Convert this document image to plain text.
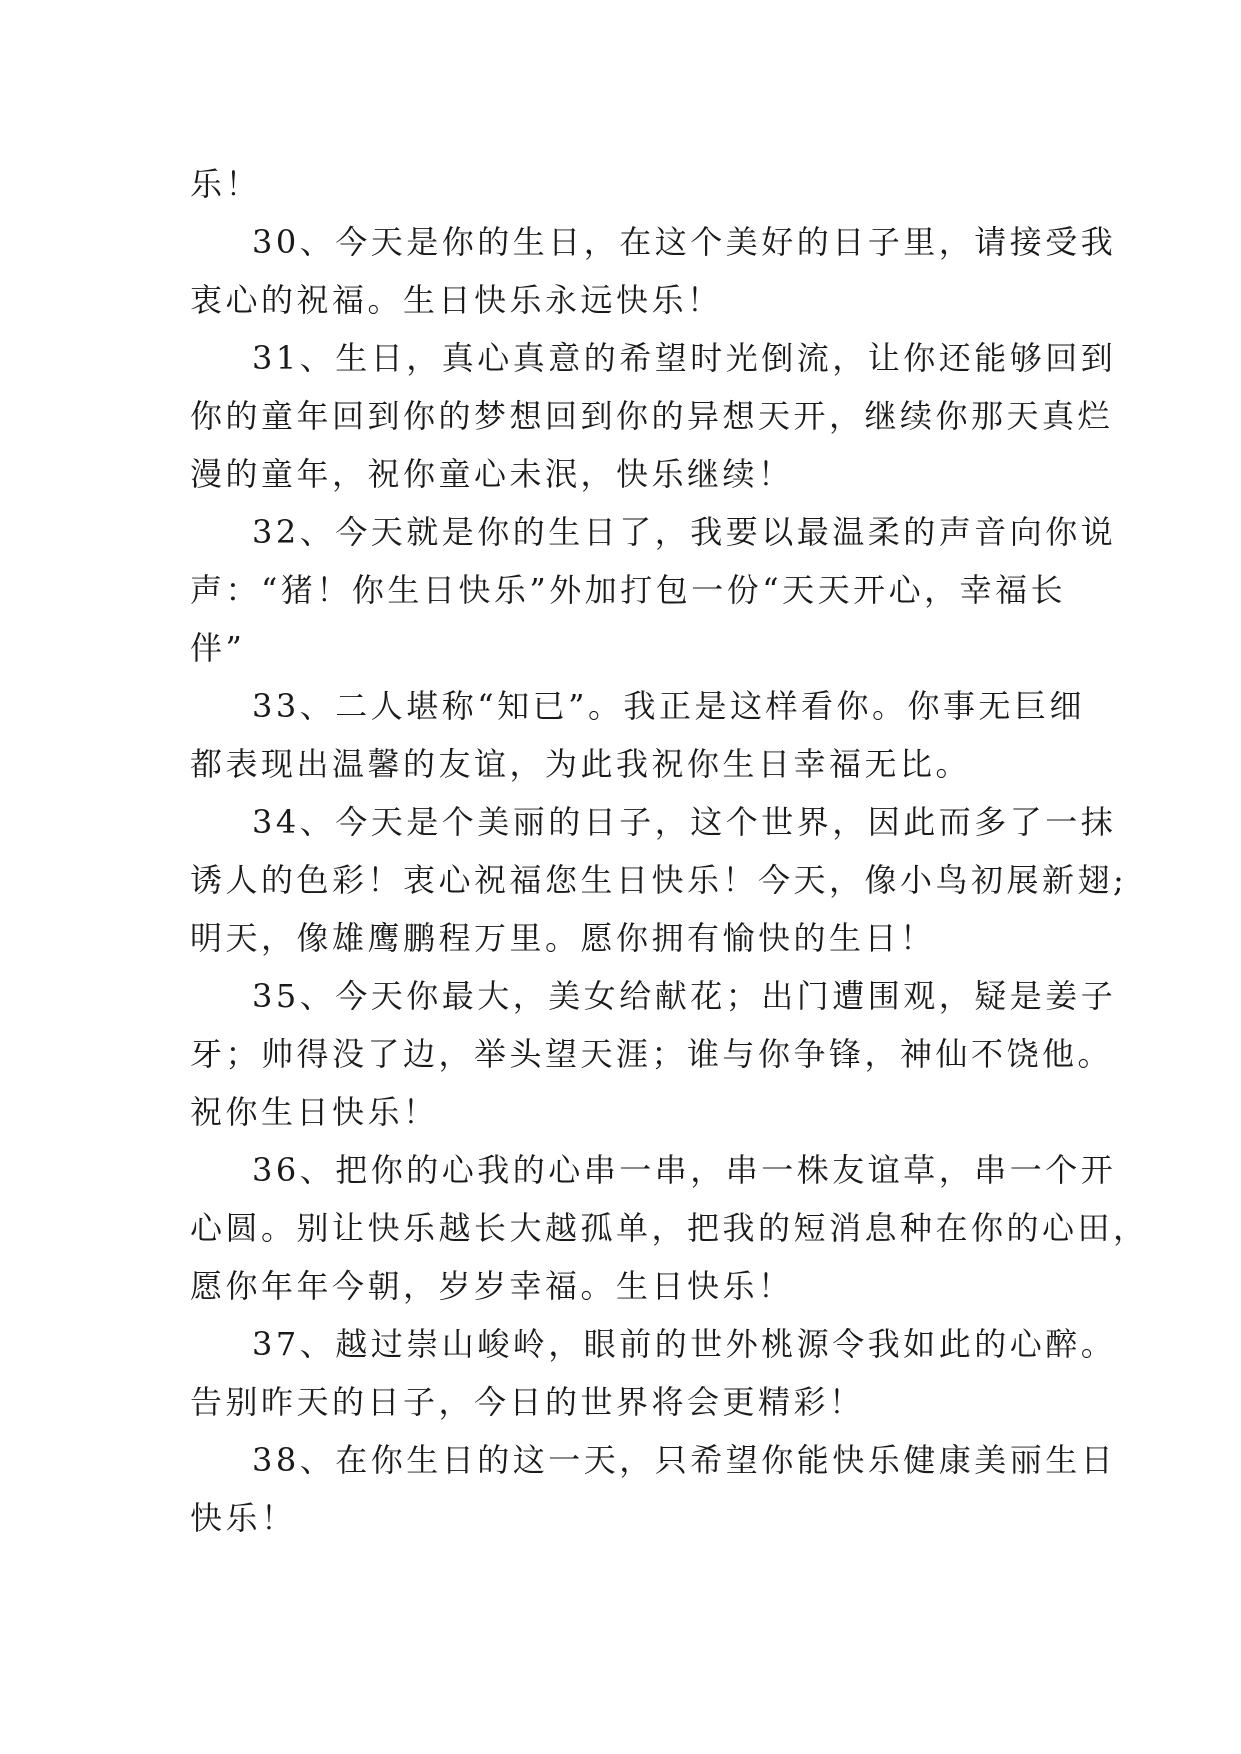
乐！
30、今天是你的生日，在这个美好的日子里，请接受我
衷心的祝福。生日快乐永远快乐！
31、生日，真心真意的希望时光倒流，让你还能够回到
你的童年回到你的梦想回到你的异想天开，继续你那天真烂
漫的童年，祝你童心未泯，快乐继续！
32、今天就是你的生日了，我要以最温柔的声音向你说
声：“猪！你生日快乐”外加打包一份“天天开心，幸福长
伴”
33、二人堪称“知已”。我正是这样看你。你事无巨细
都表现出温馨的友谊，为此我祝你生日幸福无比。
34、今天是个美丽的日子，这个世界，因此而多了一抹
诱人的色彩！衷心祝福您生日快乐！今天，像小鸟初展新翅;
明天，像雄鹰鹏程万里。愿你拥有愉快的生日！
35、今天你最大，美女给献花；出门遭围观，疑是姜子
牙；帅得没了边，举头望天涯；谁与你争锋，神仙不饶他。
祝你生日快乐！
36、把你的心我的心串一串，串一株友谊草，串一个开
心圆。别让快乐越长大越孤单，把我的短消息种在你的心田，
愿你年年今朝，岁岁幸福。生日快乐！
37、越过崇山峻岭，眼前的世外桃源令我如此的心醉。
告别昨天的日子，今日的世界将会更精彩！
38、在你生日的这一天，只希望你能快乐健康美丽生日
快乐！
